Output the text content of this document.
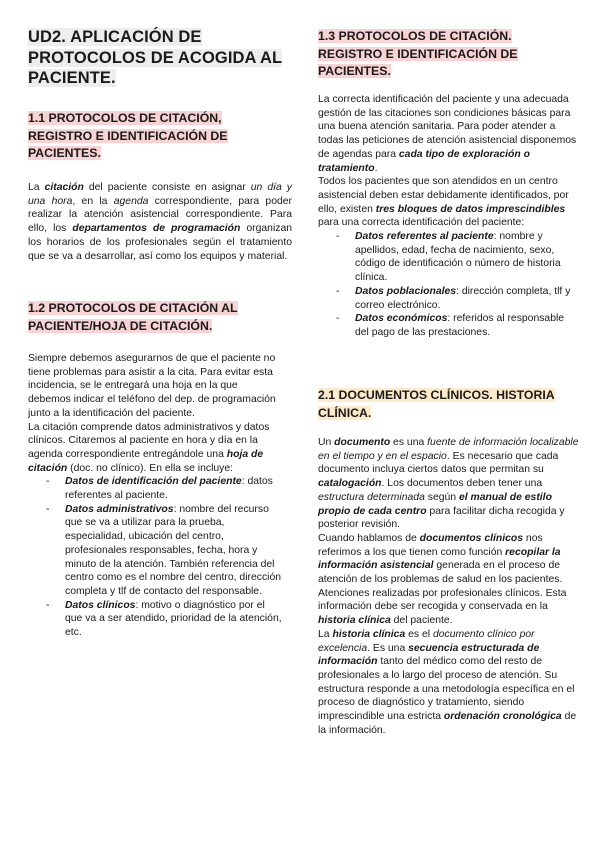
UD2. APLICACIÓN DE PROTOCOLOS DE ACOGIDA AL PACIENTE.
1.1 PROTOCOLOS DE CITACIÓN, REGISTRO E IDENTIFICACIÓN DE PACIENTES.
La citación del paciente consiste en asignar un día y una hora, en la agenda correspondiente, para poder realizar la atención asistencial correspondiente. Para ello, los departamentos de programación organizan los horarios de los profesionales según el tratamiento que se va a desarrollar, así como los equipos y material.
1.2 PROTOCOLOS DE CITACIÓN AL PACIENTE/HOJA DE CITACIÓN.
Siempre debemos asegurarnos de que el paciente no tiene problemas para asistir a la cita. Para evitar esta incidencia, se le entregará una hoja en la que debemos indicar el teléfono del dep. de programación junto a la identificación del paciente.
La citación comprende datos administrativos y datos clínicos. Citaremos al paciente en hora y día en la agenda correspondiente entregándole una hoja de citación (doc. no clínico). En ella se incluye:
- Datos de identificación del paciente: datos referentes al paciente.
- Datos administrativos: nombre del recurso que se va a utilizar para la prueba, especialidad, ubicación del centro, profesionales responsables, fecha, hora y minuto de la atención. También referencia del centro como es el nombre del centro, dirección completa y tlf de contacto del responsable.
- Datos clínicos: motivo o diagnóstico por el que va a ser atendido, prioridad de la atención, etc.
1.3 PROTOCOLOS DE CITACIÓN. REGISTRO E IDENTIFICACIÓN DE PACIENTES.
La correcta identificación del paciente y una adecuada gestión de las citaciones son condiciones básicas para una buena atención sanitaria. Para poder atender a todas las peticiones de atención asistencial disponemos de agendas para cada tipo de exploración o tratamiento.
Todos los pacientes que son atendidos en un centro asistencial deben estar debidamente identificados, por ello, existen tres bloques de datos imprescindibles para una correcta identificación del paciente:
- Datos referentes al paciente: nombre y apellidos, edad, fecha de nacimiento, sexo, código de identificación o número de historia clínica.
- Datos poblacionales: dirección completa, tlf y correo electrónico.
- Datos económicos: referidos al responsable del pago de las prestaciones.
2.1 DOCUMENTOS CLÍNICOS. HISTORIA CLÍNICA.
Un documento es una fuente de información localizable en el tiempo y en el espacio. Es necesario que cada documento incluya ciertos datos que permitan su catalogación. Los documentos deben tener una estructura determinada según el manual de estilo propio de cada centro para facilitar dicha recogida y posterior revisión.
Cuando hablamos de documentos clínicos nos referimos a los que tienen como función recopilar la información asistencial generada en el proceso de atención de los problemas de salud en los pacientes. Atenciones realizadas por profesionales clínicos. Esta información debe ser recogida y conservada en la historia clínica del paciente.
La historia clínica es el documento clínico por excelencia. Es una secuencia estructurada de información tanto del médico como del resto de profesionales a lo largo del proceso de atención. Su estructura responde a una metodología específica en el proceso de diagnóstico y tratamiento, siendo imprescindible una estricta ordenación cronológica de la información.
